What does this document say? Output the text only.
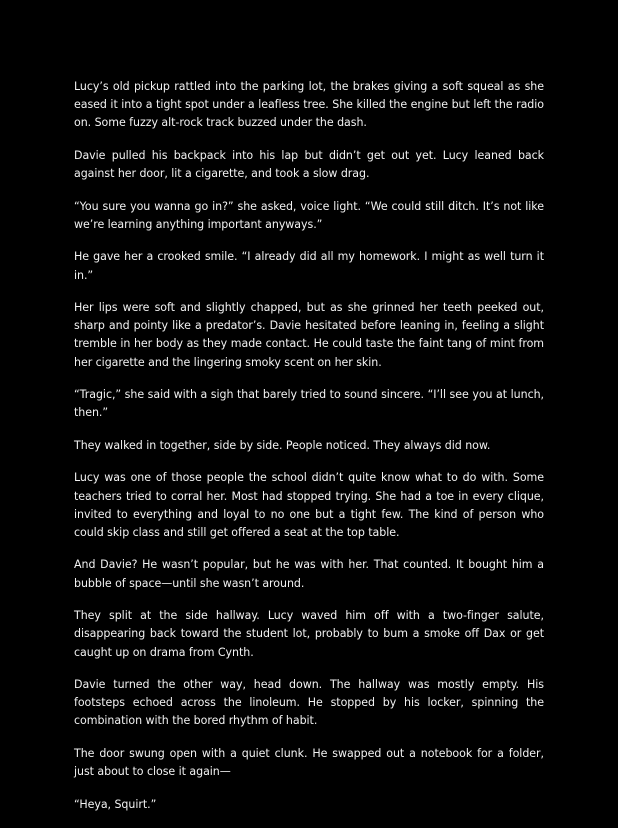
Lucy’s old pickup rattled into the parking lot, the brakes giving a soft squeal as she eased it into a tight spot under a leafless tree. She killed the engine but left the radio on. Some fuzzy alt-rock track buzzed under the dash.

Davie pulled his backpack into his lap but didn’t get out yet. Lucy leaned back against her door, lit a cigarette, and took a slow drag.

“You sure you wanna go in?” she asked, voice light. “We could still ditch. It’s not like we’re learning anything important anyways.”

He gave her a crooked smile. “I already did all my homework. I might as well turn it in.”

Her lips were soft and slightly chapped, but as she grinned her teeth peeked out, sharp and pointy like a predator’s. Davie hesitated before leaning in, feeling a slight tremble in her body as they made contact. He could taste the faint tang of mint from her cigarette and the lingering smoky scent on her skin.

“Tragic,” she said with a sigh that barely tried to sound sincere. “I’ll see you at lunch, then.”

They walked in together, side by side. People noticed. They always did now.

Lucy was one of those people the school didn’t quite know what to do with. Some teachers tried to corral her. Most had stopped trying. She had a toe in every clique, invited to everything and loyal to no one but a tight few. The kind of person who could skip class and still get offered a seat at the top table.

And Davie? He wasn’t popular, but he was with her. That counted. It bought him a bubble of space—until she wasn’t around.

They split at the side hallway. Lucy waved him off with a two-finger salute, disappearing back toward the student lot, probably to bum a smoke off Dax or get caught up on drama from Cynth.

Davie turned the other way, head down. The hallway was mostly empty. His footsteps echoed across the linoleum. He stopped by his locker, spinning the combination with the bored rhythm of habit.

The door swung open with a quiet clunk. He swapped out a notebook for a folder, just about to close it again—

“Heya, Squirt.”
